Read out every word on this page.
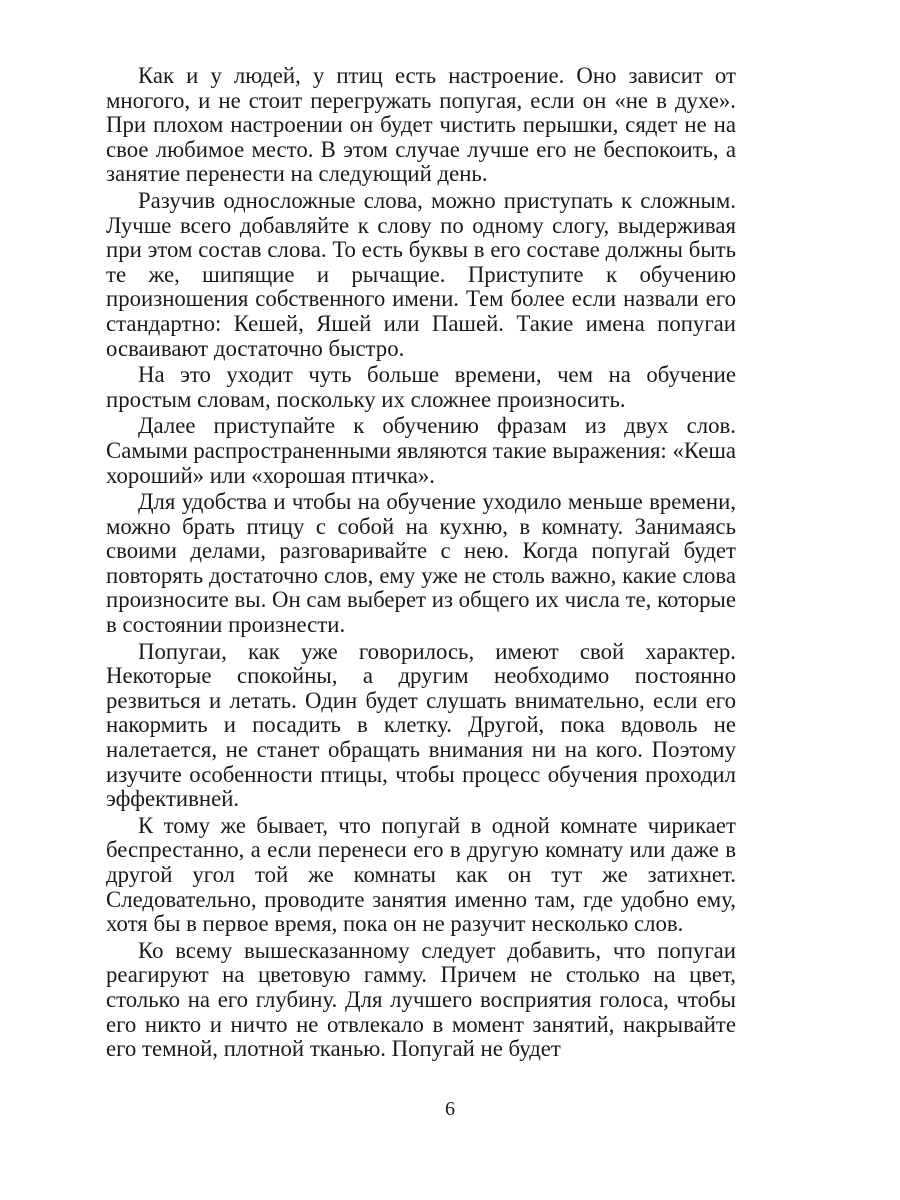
Как и у людей, у птиц есть настроение. Оно зависит от многого, и не стоит перегружать попугая, если он «не в духе». При плохом настроении он будет чистить перышки, сядет не на свое любимое место. В этом случае лучше его не беспокоить, а занятие перенести на следующий день.

Разучив односложные слова, можно приступать к сложным. Лучше всего добавляйте к слову по одному слогу, выдерживая при этом состав слова. То есть буквы в его составе должны быть те же, шипящие и рычащие. Приступите к обучению произношения собственного имени. Тем более если назвали его стандартно: Кешей, Яшей или Пашей. Такие имена попугаи осваивают достаточно быстро.

На это уходит чуть больше времени, чем на обучение простым словам, поскольку их сложнее произносить.

Далее приступайте к обучению фразам из двух слов. Самыми распространенными являются такие выражения: «Кеша хороший» или «хорошая птичка».

Для удобства и чтобы на обучение уходило меньше времени, можно брать птицу с собой на кухню, в комнату. Занимаясь своими делами, разговаривайте с нею. Когда попугай будет повторять достаточно слов, ему уже не столь важно, какие слова произносите вы. Он сам выберет из общего их числа те, которые в состоянии произнести.

Попугаи, как уже говорилось, имеют свой характер. Некоторые спокойны, а другим необходимо постоянно резвиться и летать. Один будет слушать внимательно, если его накормить и посадить в клетку. Другой, пока вдоволь не налетается, не станет обращать внимания ни на кого. Поэтому изучите особенности птицы, чтобы процесс обучения проходил эффективней.

К тому же бывает, что попугай в одной комнате чирикает беспрестанно, а если перенеси его в другую комнату или даже в другой угол той же комнаты как он тут же затихнет. Следовательно, проводите занятия именно там, где удобно ему, хотя бы в первое время, пока он не разучит несколько слов.

Ко всему вышесказанному следует добавить, что попугаи реагируют на цветовую гамму. Причем не столько на цвет, столько на его глубину. Для лучшего восприятия голоса, чтобы его никто и ничто не отвлекало в момент занятий, накрывайте его темной, плотной тканью. Попугай не будет

6
